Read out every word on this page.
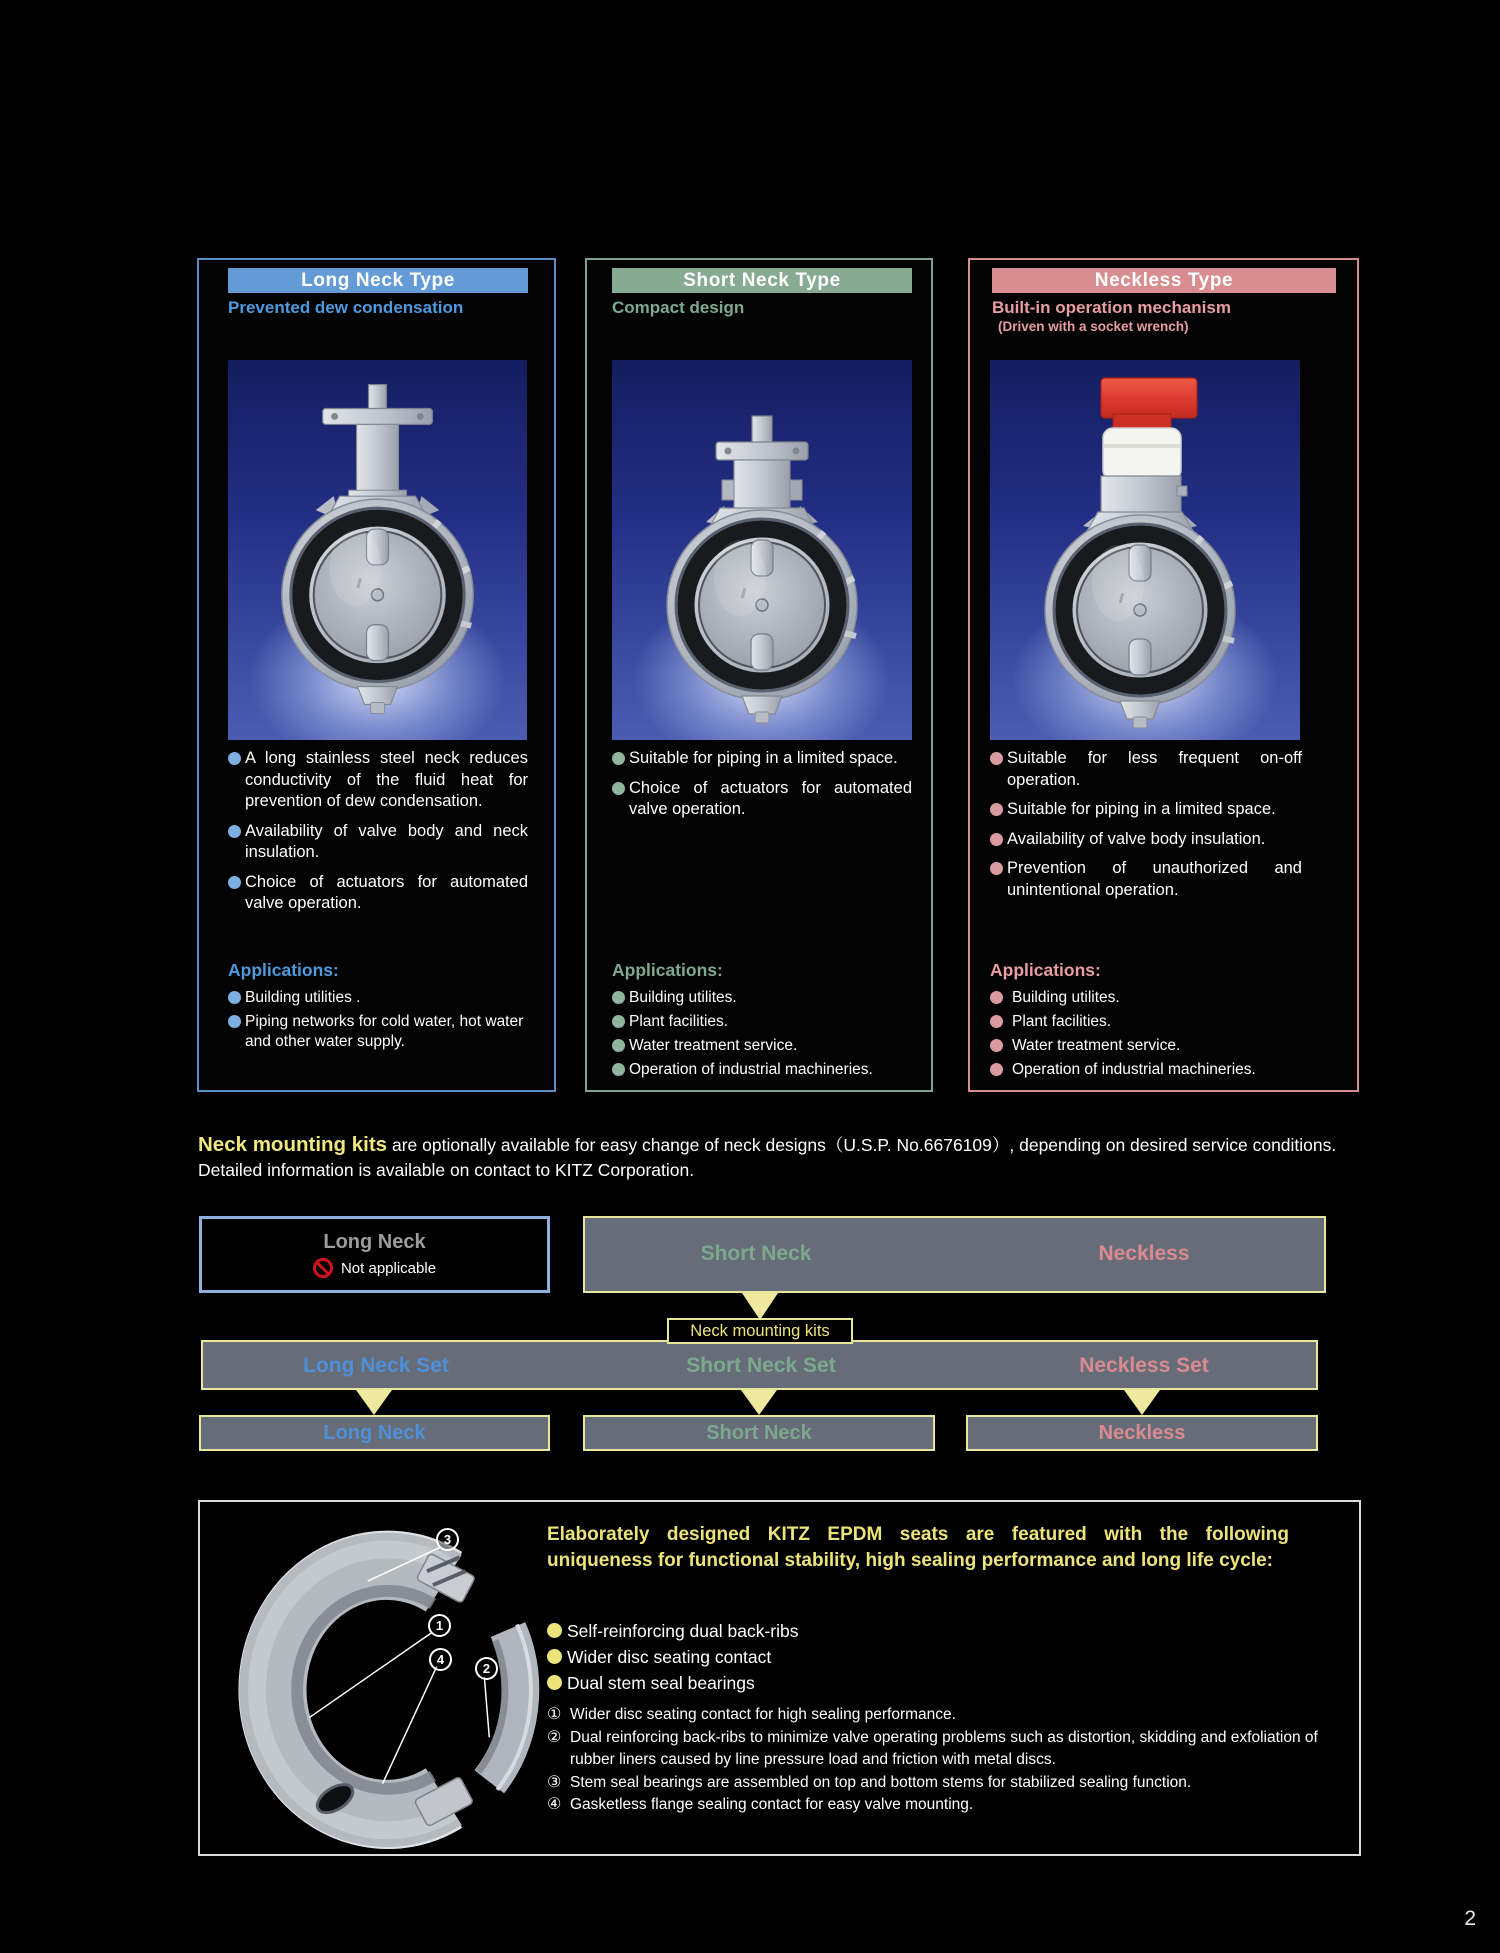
Long Neck Type
Prevented dew condensation
A long stainless steel neck reduces conductivity of the fluid heat for prevention of dew condensation.
Availability of valve body and neck insulation.
Choice of actuators for automated valve operation.
Applications:
Building utilities .
Piping networks for cold water, hot water and other water supply.
Short Neck Type
Compact design
Suitable for piping in a limited space.
Choice of actuators for automated valve operation.
Applications:
Building utilites.
Plant facilities.
Water treatment service.
Operation of industrial machineries.
Neckless Type
Built-in operation mechanism
(Driven with a socket wrench)
Suitable for less frequent on-off operation.
Suitable for piping in a limited space.
Availability of valve body insulation.
Prevention of unauthorized and unintentional operation.
Applications:
Building utilites.
Plant facilities.
Water treatment service.
Operation of industrial machineries.

Neck mounting kits are optionally available for easy change of neck designs（U.S.P. No.6676109）, depending on desired service conditions. Detailed information is available on contact to KITZ Corporation.

Long Neck
Not applicable
Short Neck	Neckless
Neck mounting kits
Long Neck Set	Short Neck Set	Neckless Set
Long Neck	Short Neck	Neckless
3
1
4
2
Elaborately designed KITZ EPDM seats are featured with the following uniqueness for functional stability, high sealing performance and long life cycle:
Self-reinforcing dual back-ribs
Wider disc seating contact
Dual stem seal bearings
① Wider disc seating contact for high sealing performance.
② Dual reinforcing back-ribs to minimize valve operating problems such as distortion, skidding and exfoliation of rubber liners caused by line pressure load and friction with metal discs.
③ Stem seal bearings are assembled on top and bottom stems for stabilized sealing function.
④ Gasketless flange sealing contact for easy valve mounting.
2
